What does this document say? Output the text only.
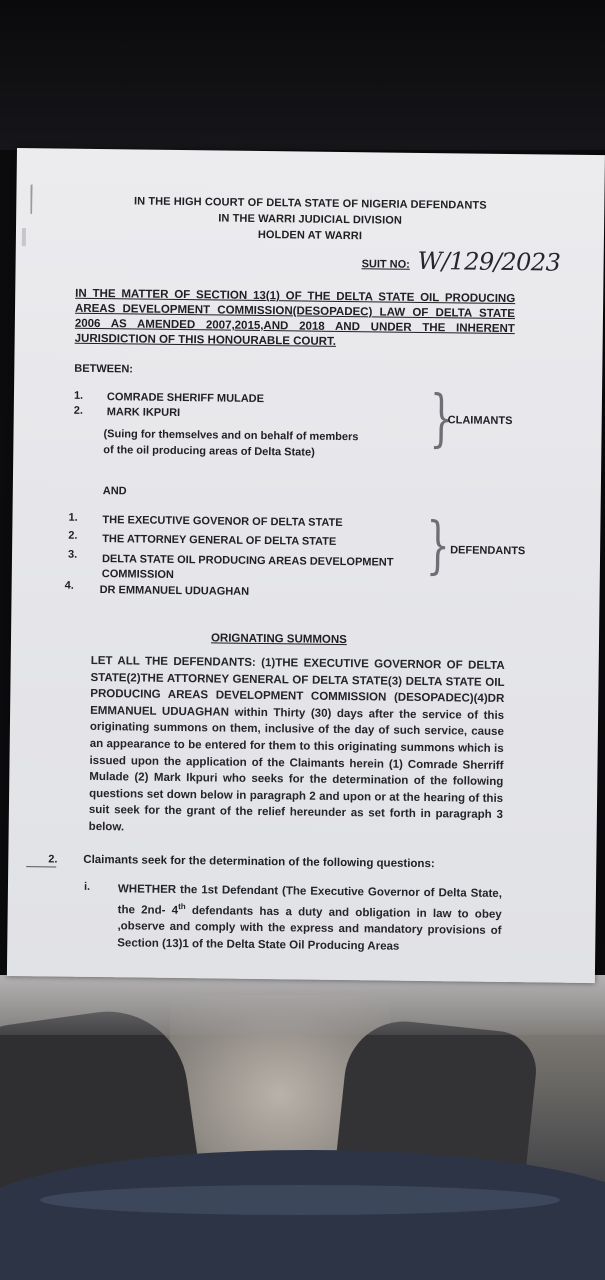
IN THE HIGH COURT OF DELTA STATE OF NIGERIA DEFENDANTS
IN THE WARRI JUDICIAL DIVISION
HOLDEN AT WARRI
SUIT NO: W/129/2023
IN THE MATTER OF SECTION 13(1) OF THE DELTA STATE OIL PRODUCING
AREAS DEVELOPMENT COMMISSION(DESOPADEC) LAW OF DELTA STATE
2006 AS AMENDED 2007,2015,AND 2018 AND UNDER THE INHERENT
JURISDICTION OF THIS HONOURABLE COURT.
BETWEEN:
1. COMRADE SHERIFF MULADE
2. MARK IKPURI
(Suing for themselves and on behalf of members of the oil producing areas of Delta State)	}
CLAIMANTS
AND
1. THE EXECUTIVE GOVENOR OF DELTA STATE
2. THE ATTORNEY GENERAL OF DELTA STATE
3. DELTA STATE OIL PRODUCING AREAS DEVELOPMENT
COMMISSION
4. DR EMMANUEL UDUAGHAN
} DEFENDANTS
ORIGNATING SUMMONS
LET ALL THE DEFENDANTS: (1)THE EXECUTIVE GOVERNOR OF DELTA STATE(2)THE ATTORNEY GENERAL OF DELTA STATE(3) DELTA STATE OIL PRODUCING AREAS DEVELOPMENT COMMISSION (DESOPADEC)(4)DR EMMANUEL UDUAGHAN within Thirty (30) days after the service of this originating summons on them, inclusive of the day of such service, cause an appearance to be entered for them to this originating summons which is issued upon the application of the Claimants herein (1) Comrade Sherriff Mulade (2) Mark Ikpuri who seeks for the determination of the following questions set down below in paragraph 2 and upon or at the hearing of this suit seek for the grant of the relief hereunder as set forth in paragraph 3 below.
2. Claimants seek for the determination of the following questions:
i. WHETHER the 1st Defendant (The Executive Governor of Delta State, the 2nd- 4th defendants has a duty and obligation in law to obey ,observe and comply with the express and mandatory provisions of Section (13)1 of the Delta State Oil Producing Areas
